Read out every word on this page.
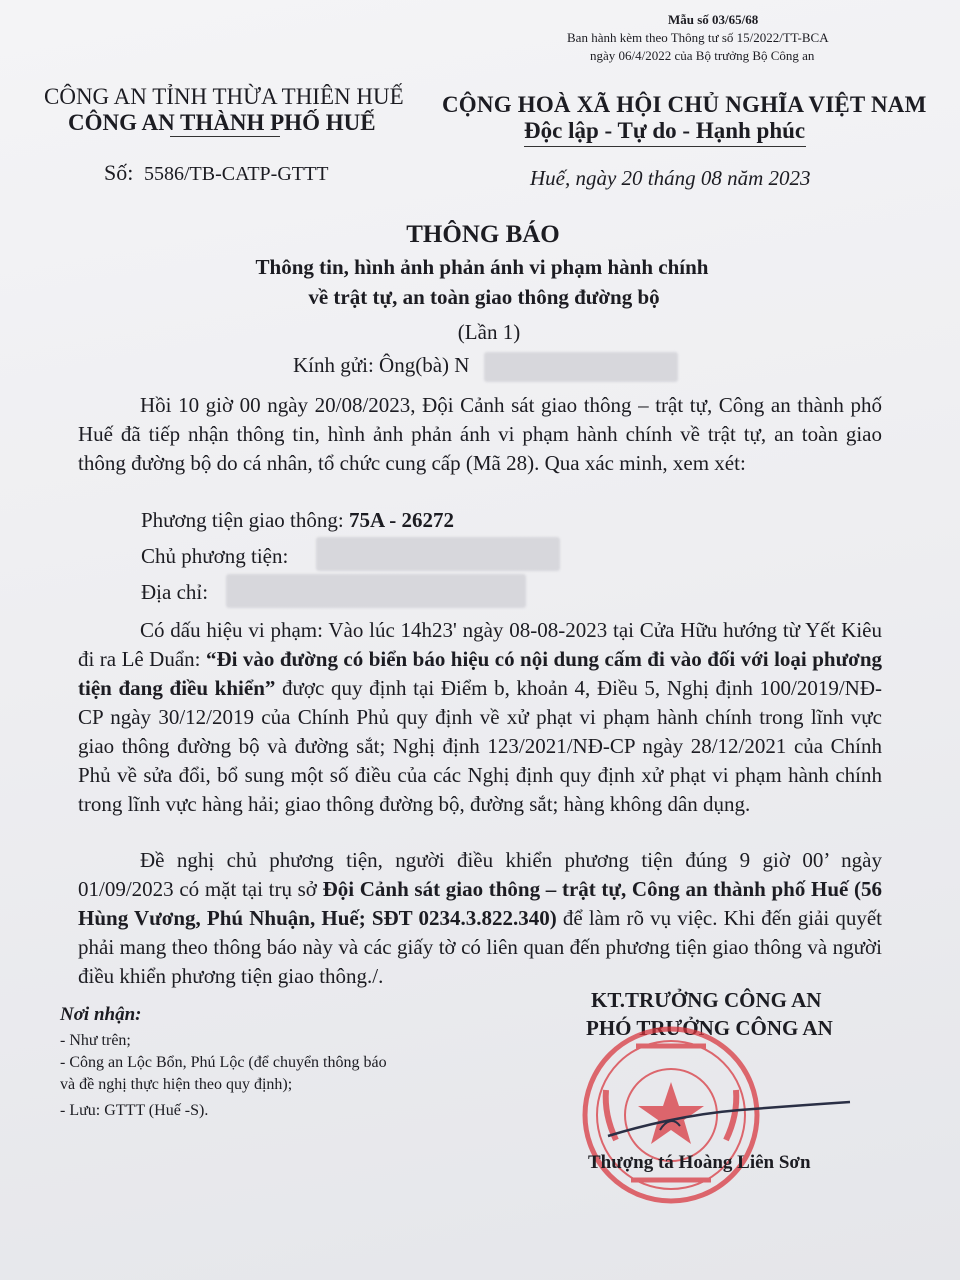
Mẫu số 03/65/68
Ban hành kèm theo Thông tư số 15/2022/TT-BCA
ngày 06/4/2022 của Bộ trưởng Bộ Công an
CÔNG AN TỈNH THỪA THIÊN HUẾ
CÔNG AN THÀNH PHỐ HUẾ
CỘNG HOÀ XÃ HỘI CHỦ NGHĨA VIỆT NAM
Độc lập - Tự do - Hạnh phúc
Số: 5586/TB-CATP-GTTT	Huế, ngày 20 tháng 08 năm 2023
THÔNG BÁO
Thông tin, hình ảnh phản ánh vi phạm hành chính
về trật tự, an toàn giao thông đường bộ
(Lần 1)
Kính gửi: Ông(bà) N

Hồi 10 giờ 00 ngày 20/08/2023, Đội Cảnh sát giao thông – trật tự, Công an thành phố Huế đã tiếp nhận thông tin, hình ảnh phản ánh vi phạm hành chính về trật tự, an toàn giao thông đường bộ do cá nhân, tổ chức cung cấp (Mã 28). Qua xác minh, xem xét:

Phương tiện giao thông: 75A - 26272
Chủ phương tiện:
Địa chỉ:

Có dấu hiệu vi phạm: Vào lúc 14h23' ngày 08-08-2023 tại Cửa Hữu hướng từ Yết Kiêu đi ra Lê Duẩn: “Đi vào đường có biển báo hiệu có nội dung cấm đi vào đối với loại phương tiện đang điều khiển” được quy định tại Điểm b, khoản 4, Điều 5, Nghị định 100/2019/NĐ-CP ngày 30/12/2019 của Chính Phủ quy định về xử phạt vi phạm hành chính trong lĩnh vực giao thông đường bộ và đường sắt; Nghị định 123/2021/NĐ-CP ngày 28/12/2021 của Chính Phủ về sửa đổi, bổ sung một số điều của các Nghị định quy định xử phạt vi phạm hành chính trong lĩnh vực hàng hải; giao thông đường bộ, đường sắt; hàng không dân dụng.

Đề nghị chủ phương tiện, người điều khiển phương tiện đúng 9 giờ 00’ ngày 01/09/2023 có mặt tại trụ sở Đội Cảnh sát giao thông – trật tự, Công an thành phố Huế (56 Hùng Vương, Phú Nhuận, Huế; SĐT 0234.3.822.340) để làm rõ vụ việc. Khi đến giải quyết phải mang theo thông báo này và các giấy tờ có liên quan đến phương tiện giao thông và người điều khiển phương tiện giao thông./.

Nơi nhận:
- Như trên;
- Công an Lộc Bổn, Phú Lộc (để chuyển thông báo
và đề nghị thực hiện theo quy định);
- Lưu: GTTT (Huế -S).
KT.TRƯỞNG CÔNG AN
PHÓ TRƯỞNG CÔNG AN
Thượng tá Hoàng Liên Sơn
